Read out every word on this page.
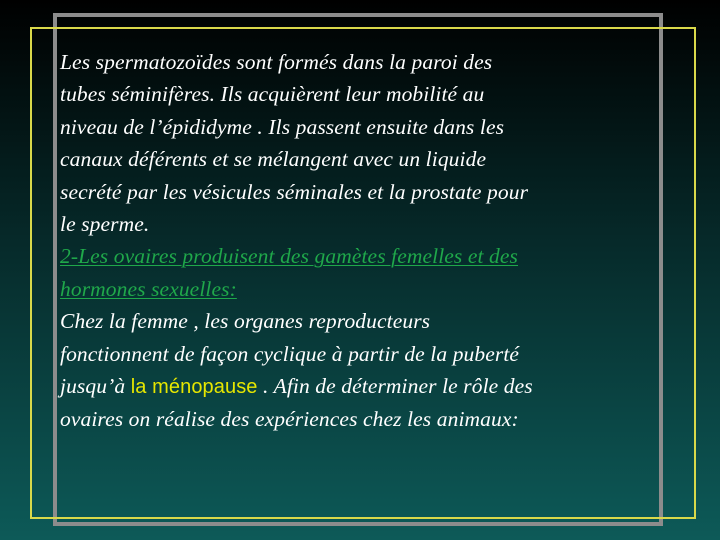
Les spermatozoïdes sont formés dans la paroi des
tubes séminifères. Ils acquièrent leur mobilité au
niveau de l’épididyme . Ils passent ensuite dans les
canaux déférents et se mélangent avec un liquide
secrété par les vésicules séminales et la prostate pour
le sperme.
2-Les ovaires produisent des gamètes femelles et des
hormones sexuelles:
Chez la femme , les organes reproducteurs
fonctionnent de façon cyclique à partir de la puberté
jusqu’à la ménopause . Afin de déterminer le rôle des
ovaires on réalise des expériences chez les animaux:
